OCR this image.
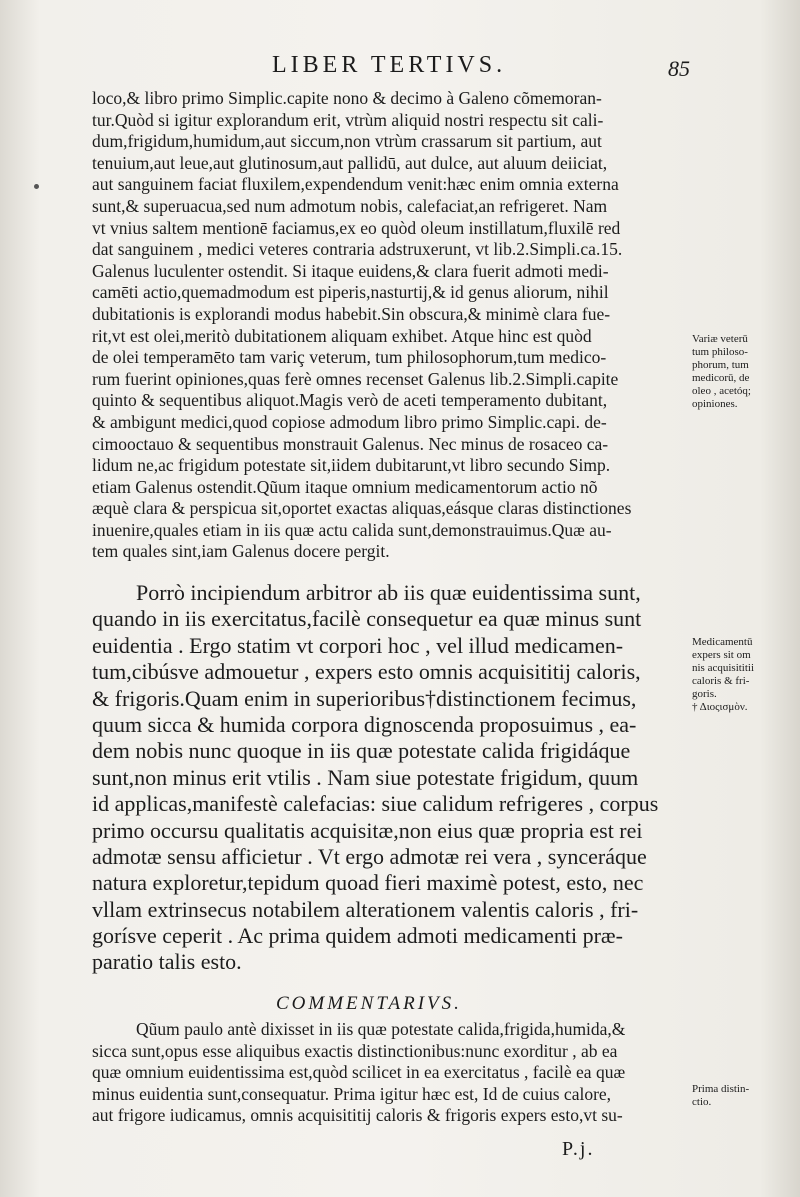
LIBER TERTIVS.	85
loco,& libro primo Simplic.capite nono & decimo à Galeno cõmemoran-
tur.Quòd si igitur explorandum erit, vtrùm aliquid nostri respectu sit cali-
dum,frigidum,humidum,aut siccum,non vtrùm crassarum sit partium, aut
tenuium,aut leue,aut glutinosum,aut pallidū, aut dulce, aut aluum deiiciat,
aut sanguinem faciat fluxilem,expendendum venit:hæc enim omnia externa
sunt,& superuacua,sed num admotum nobis, calefaciat,an refrigeret. Nam
vt vnius saltem mentionē faciamus,ex eo quòd oleum instillatum,fluxilē red
dat sanguinem , medici veteres contraria adstruxerunt, vt lib.2.Simpli.ca.15.
Galenus luculenter ostendit. Si itaque euidens,& clara fuerit admoti medi-
camēti actio,quemadmodum est piperis,nasturtij,& id genus aliorum, nihil
dubitationis is explorandi modus habebit.Sin obscura,& minimè clara fue-
rit,vt est olei,meritò dubitationem aliquam exhibet. Atque hinc est quòd
de olei temperamēto tam variç veterum, tum philosophorum,tum medico-
rum fuerint opiniones,quas ferè omnes recenset Galenus lib.2.Simpli.capite
quinto & sequentibus aliquot.Magis verò de aceti temperamento dubitant,
& ambigunt medici,quod copiose admodum libro primo Simplic.capi. de-
cimooctauo & sequentibus monstrauit Galenus. Nec minus de rosaceo ca-
lidum ne,ac frigidum potestate sit,iidem dubitarunt,vt libro secundo Simp.
etiam Galenus ostendit.Qũum itaque omnium medicamentorum actio nõ
æquè clara & perspicua sit,oportet exactas aliquas,eásque claras distinctiones
inuenire,quales etiam in iis quæ actu calida sunt,demonstrauimus.Quæ au-
tem quales sint,iam Galenus docere pergit.
Porrò incipiendum arbitror ab iis quæ euidentissima sunt,
quando in iis exercitatus,facilè consequetur ea quæ minus sunt
euidentia . Ergo statim vt corpori hoc , vel illud medicamen-
tum,cibúsve admouetur , expers esto omnis acquisititij caloris,
& frigoris.Quam enim in superioribus†distinctionem fecimus,
quum sicca & humida corpora dignoscenda proposuimus , ea-
dem nobis nunc quoque in iis quæ potestate calida frigidáque
sunt,non minus erit vtilis . Nam siue potestate frigidum, quum
id applicas,manifestè calefacias: siue calidum refrigeres , corpus
primo occursu qualitatis acquisitæ,non eius quæ propria est rei
admotæ sensu afficietur . Vt ergo admotæ rei vera , synceráque
natura exploretur,tepidum quoad fieri maximè potest, esto, nec
vllam extrinsecus notabilem alterationem valentis caloris , fri-
gorísve ceperit . Ac prima quidem admoti medicamenti præ-
paratio talis esto.
COMMENTARIVS.
Qũum paulo antè dixisset in iis quæ potestate calida,frigida,humida,&
sicca sunt,opus esse aliquibus exactis distinctionibus:nunc exorditur , ab ea
quæ omnium euidentissima est,quòd scilicet in ea exercitatus , facilè ea quæ
minus euidentia sunt,consequatur. Prima igitur hæc est, Id de cuius calore,
aut frigore iudicamus, omnis acquisititij caloris & frigoris expers esto,vt su-
Variæ veterū
tum philoso-
phorum, tum
medicorū, de
oleo , acetóq;
opiniones.
Medicamentū
expers sit om
nis acquisititii
caloris & fri-
goris.
† Διοςισμὸν.
Prima distin-
ctio.
P.j.
